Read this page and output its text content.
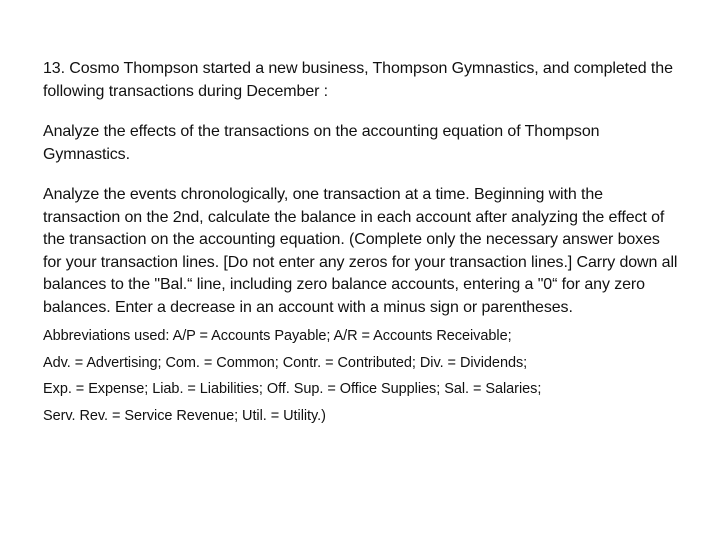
13. Cosmo Thompson started a new business, Thompson Gymnastics, and completed the following transactions during December :

Analyze the effects of the transactions on the accounting equation of Thompson Gymnastics.

Analyze the events chronologically, one transaction at a time. Beginning with the transaction on the 2nd, calculate the balance in each account after analyzing the effect of the transaction on the accounting equation. (Complete only the necessary answer boxes for your transaction lines. [Do not enter any zeros for your transaction lines.] Carry down all balances to the "Bal.“ line, including zero balance accounts, entering a "0“ for any zero balances. Enter a decrease in an account with a minus sign or parentheses.

Abbreviations used: A/P = Accounts Payable; A/R = Accounts Receivable;

Adv. = Advertising; Com. = Common; Contr. = Contributed; Div. = Dividends;

Exp. = Expense; Liab. = Liabilities; Off. Sup. = Office Supplies; Sal. = Salaries;

Serv. Rev. = Service Revenue; Util. = Utility.)
